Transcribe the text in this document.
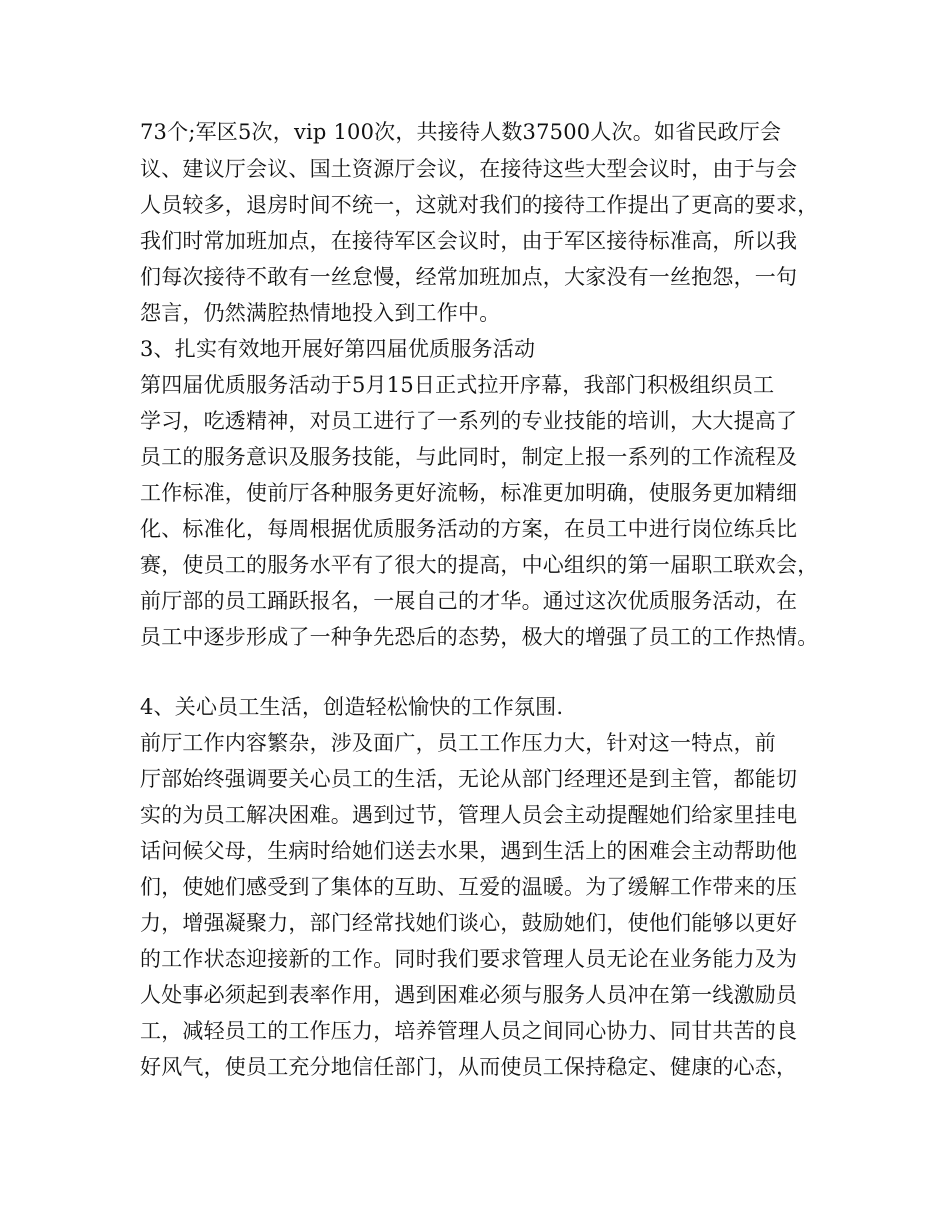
73个;军区5次，vip 100次，共接待人数37500人次。如省民政厅会
议、建议厅会议、国土资源厅会议，在接待这些大型会议时，由于与会
人员较多，退房时间不统一，这就对我们的接待工作提出了更高的要求，
我们时常加班加点，在接待军区会议时，由于军区接待标准高，所以我
们每次接待不敢有一丝怠慢，经常加班加点，大家没有一丝抱怨，一句
怨言，仍然满腔热情地投入到工作中。
3、扎实有效地开展好第四届优质服务活动
第四届优质服务活动于5月15日正式拉开序幕，我部门积极组织员工
学习，吃透精神，对员工进行了一系列的专业技能的培训，大大提高了
员工的服务意识及服务技能，与此同时，制定上报一系列的工作流程及
工作标准，使前厅各种服务更好流畅，标准更加明确，使服务更加精细
化、标准化，每周根据优质服务活动的方案，在员工中进行岗位练兵比
赛，使员工的服务水平有了很大的提高，中心组织的第一届职工联欢会，
前厅部的员工踊跃报名，一展自己的才华。通过这次优质服务活动，在
员工中逐步形成了一种争先恐后的态势，极大的增强了员工的工作热情。
4、关心员工生活，创造轻松愉快的工作氛围.
前厅工作内容繁杂，涉及面广，员工工作压力大，针对这一特点，前
厅部始终强调要关心员工的生活，无论从部门经理还是到主管，都能切
实的为员工解决困难。遇到过节，管理人员会主动提醒她们给家里挂电
话问候父母，生病时给她们送去水果，遇到生活上的困难会主动帮助他
们，使她们感受到了集体的互助、互爱的温暖。为了缓解工作带来的压
力，增强凝聚力，部门经常找她们谈心，鼓励她们，使他们能够以更好
的工作状态迎接新的工作。同时我们要求管理人员无论在业务能力及为
人处事必须起到表率作用，遇到困难必须与服务人员冲在第一线激励员
工，减轻员工的工作压力，培养管理人员之间同心协力、同甘共苦的良
好风气，使员工充分地信任部门，从而使员工保持稳定、健康的心态，
